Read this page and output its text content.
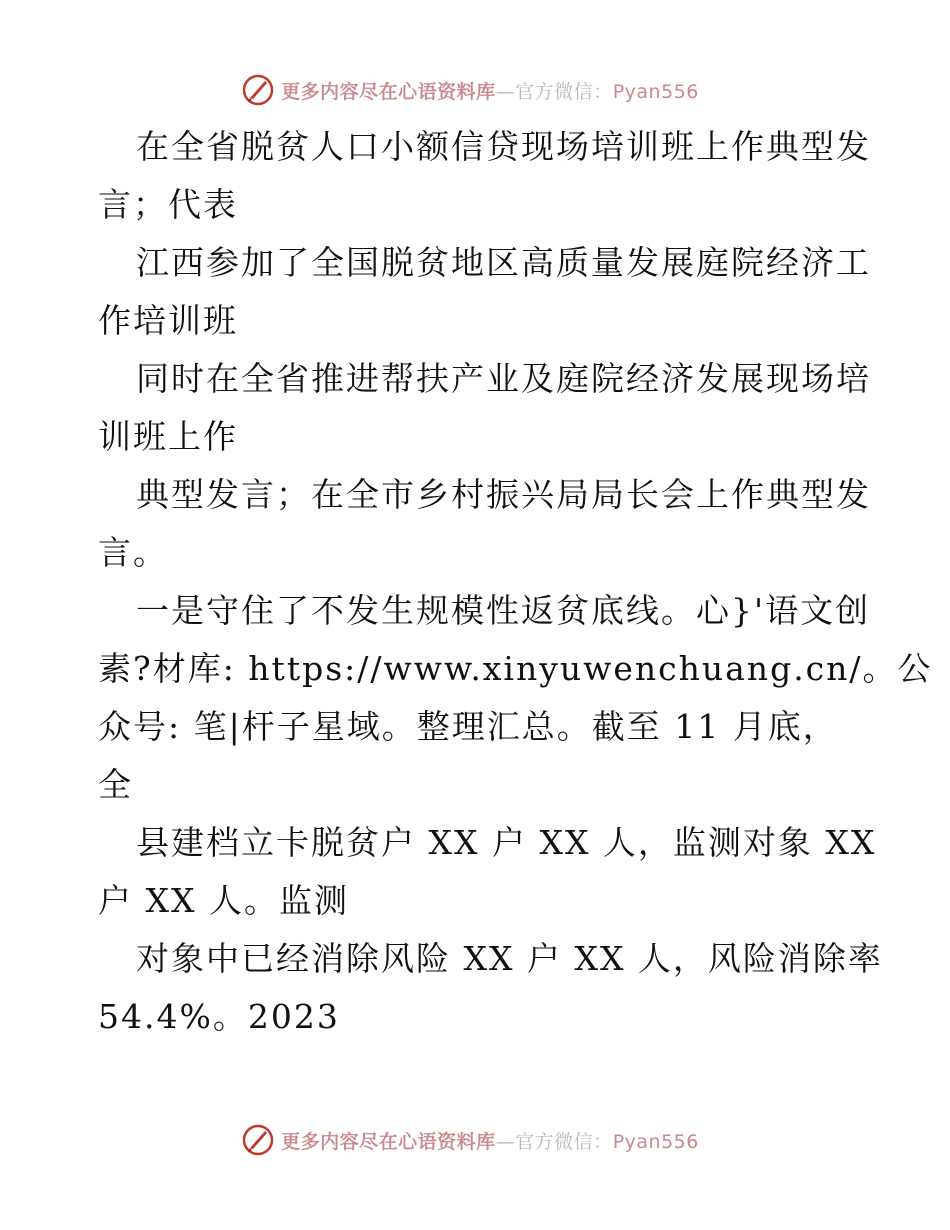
更多内容尽在心语资料库—官方微信：Pyan556
在全省脱贫人口小额信贷现场培训班上作典型发
言；代表
江西参加了全国脱贫地区高质量发展庭院经济工
作培训班
同时在全省推进帮扶产业及庭院经济发展现场培
训班上作
典型发言；在全市乡村振兴局局长会上作典型发
言。
一是守住了不发生规模性返贫底线。心}'语文创
素?材库: https://www.xinyuwenchuang.cn/。公
众号: 笔|杆子星域。整理汇总。截至 11 月底，
全
县建档立卡脱贫户 XX 户 XX 人，监测对象 XX
户 XX 人。监测
对象中已经消除风险 XX 户 XX 人，风险消除率
54.4%。2023
更多内容尽在心语资料库—官方微信：Pyan556
